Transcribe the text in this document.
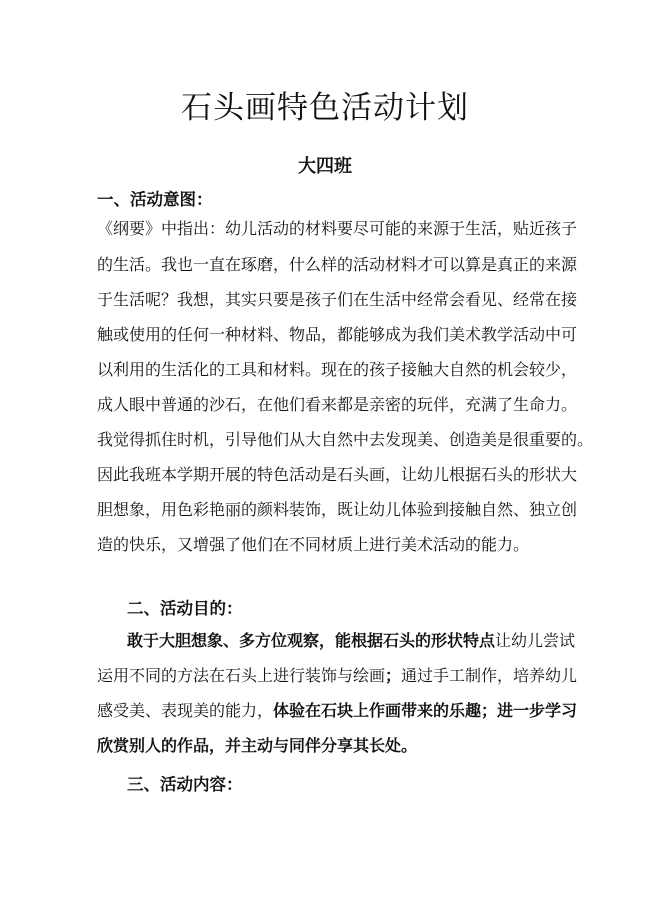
石头画特色活动计划
大四班
一、活动意图：
《纲要》中指出：幼儿活动的材料要尽可能的来源于生活，贴近孩子
的生活。我也一直在琢磨，什么样的活动材料才可以算是真正的来源
于生活呢？我想，其实只要是孩子们在生活中经常会看见、经常在接
触或使用的任何一种材料、物品，都能够成为我们美术教学活动中可
以利用的生活化的工具和材料。现在的孩子接触大自然的机会较少，
成人眼中普通的沙石，在他们看来都是亲密的玩伴，充满了生命力。
我觉得抓住时机，引导他们从大自然中去发现美、创造美是很重要的。
因此我班本学期开展的特色活动是石头画，让幼儿根据石头的形状大
胆想象，用色彩艳丽的颜料装饰，既让幼儿体验到接触自然、独立创
造的快乐，又增强了他们在不同材质上进行美术活动的能力。
二、活动目的：
敢于大胆想象、多方位观察，能根据石头的形状特点让幼儿尝试
运用不同的方法在石头上进行装饰与绘画；通过手工制作，培养幼儿
感受美、表现美的能力，体验在石块上作画带来的乐趣；进一步学习
欣赏别人的作品，并主动与同伴分享其长处。
三、活动内容：
